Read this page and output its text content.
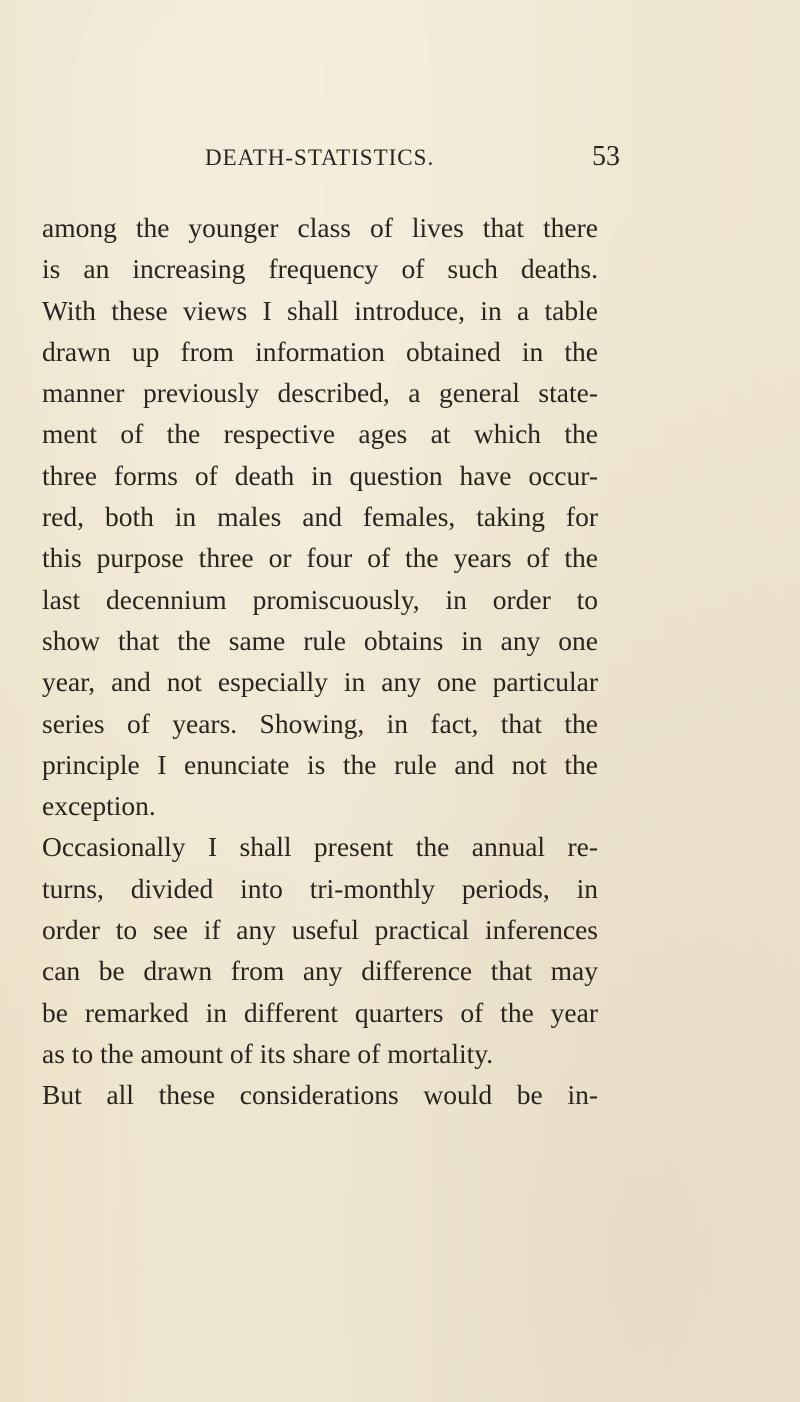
DEATH-STATISTICS.	53
among the younger class of lives that there
is an increasing frequency of such deaths.
With these views I shall introduce, in a table
drawn up from information obtained in the
manner previously described, a general state-
ment of the respective ages at which the
three forms of death in question have occur-
red, both in males and females, taking for
this purpose three or four of the years of the
last decennium promiscuously, in order to
show that the same rule obtains in any one
year, and not especially in any one particular
series of years. Showing, in fact, that the
principle I enunciate is the rule and not the
exception.
Occasionally I shall present the annual re-
turns, divided into tri-monthly periods, in
order to see if any useful practical inferences
can be drawn from any difference that may
be remarked in different quarters of the year
as to the amount of its share of mortality.
But all these considerations would be in-
